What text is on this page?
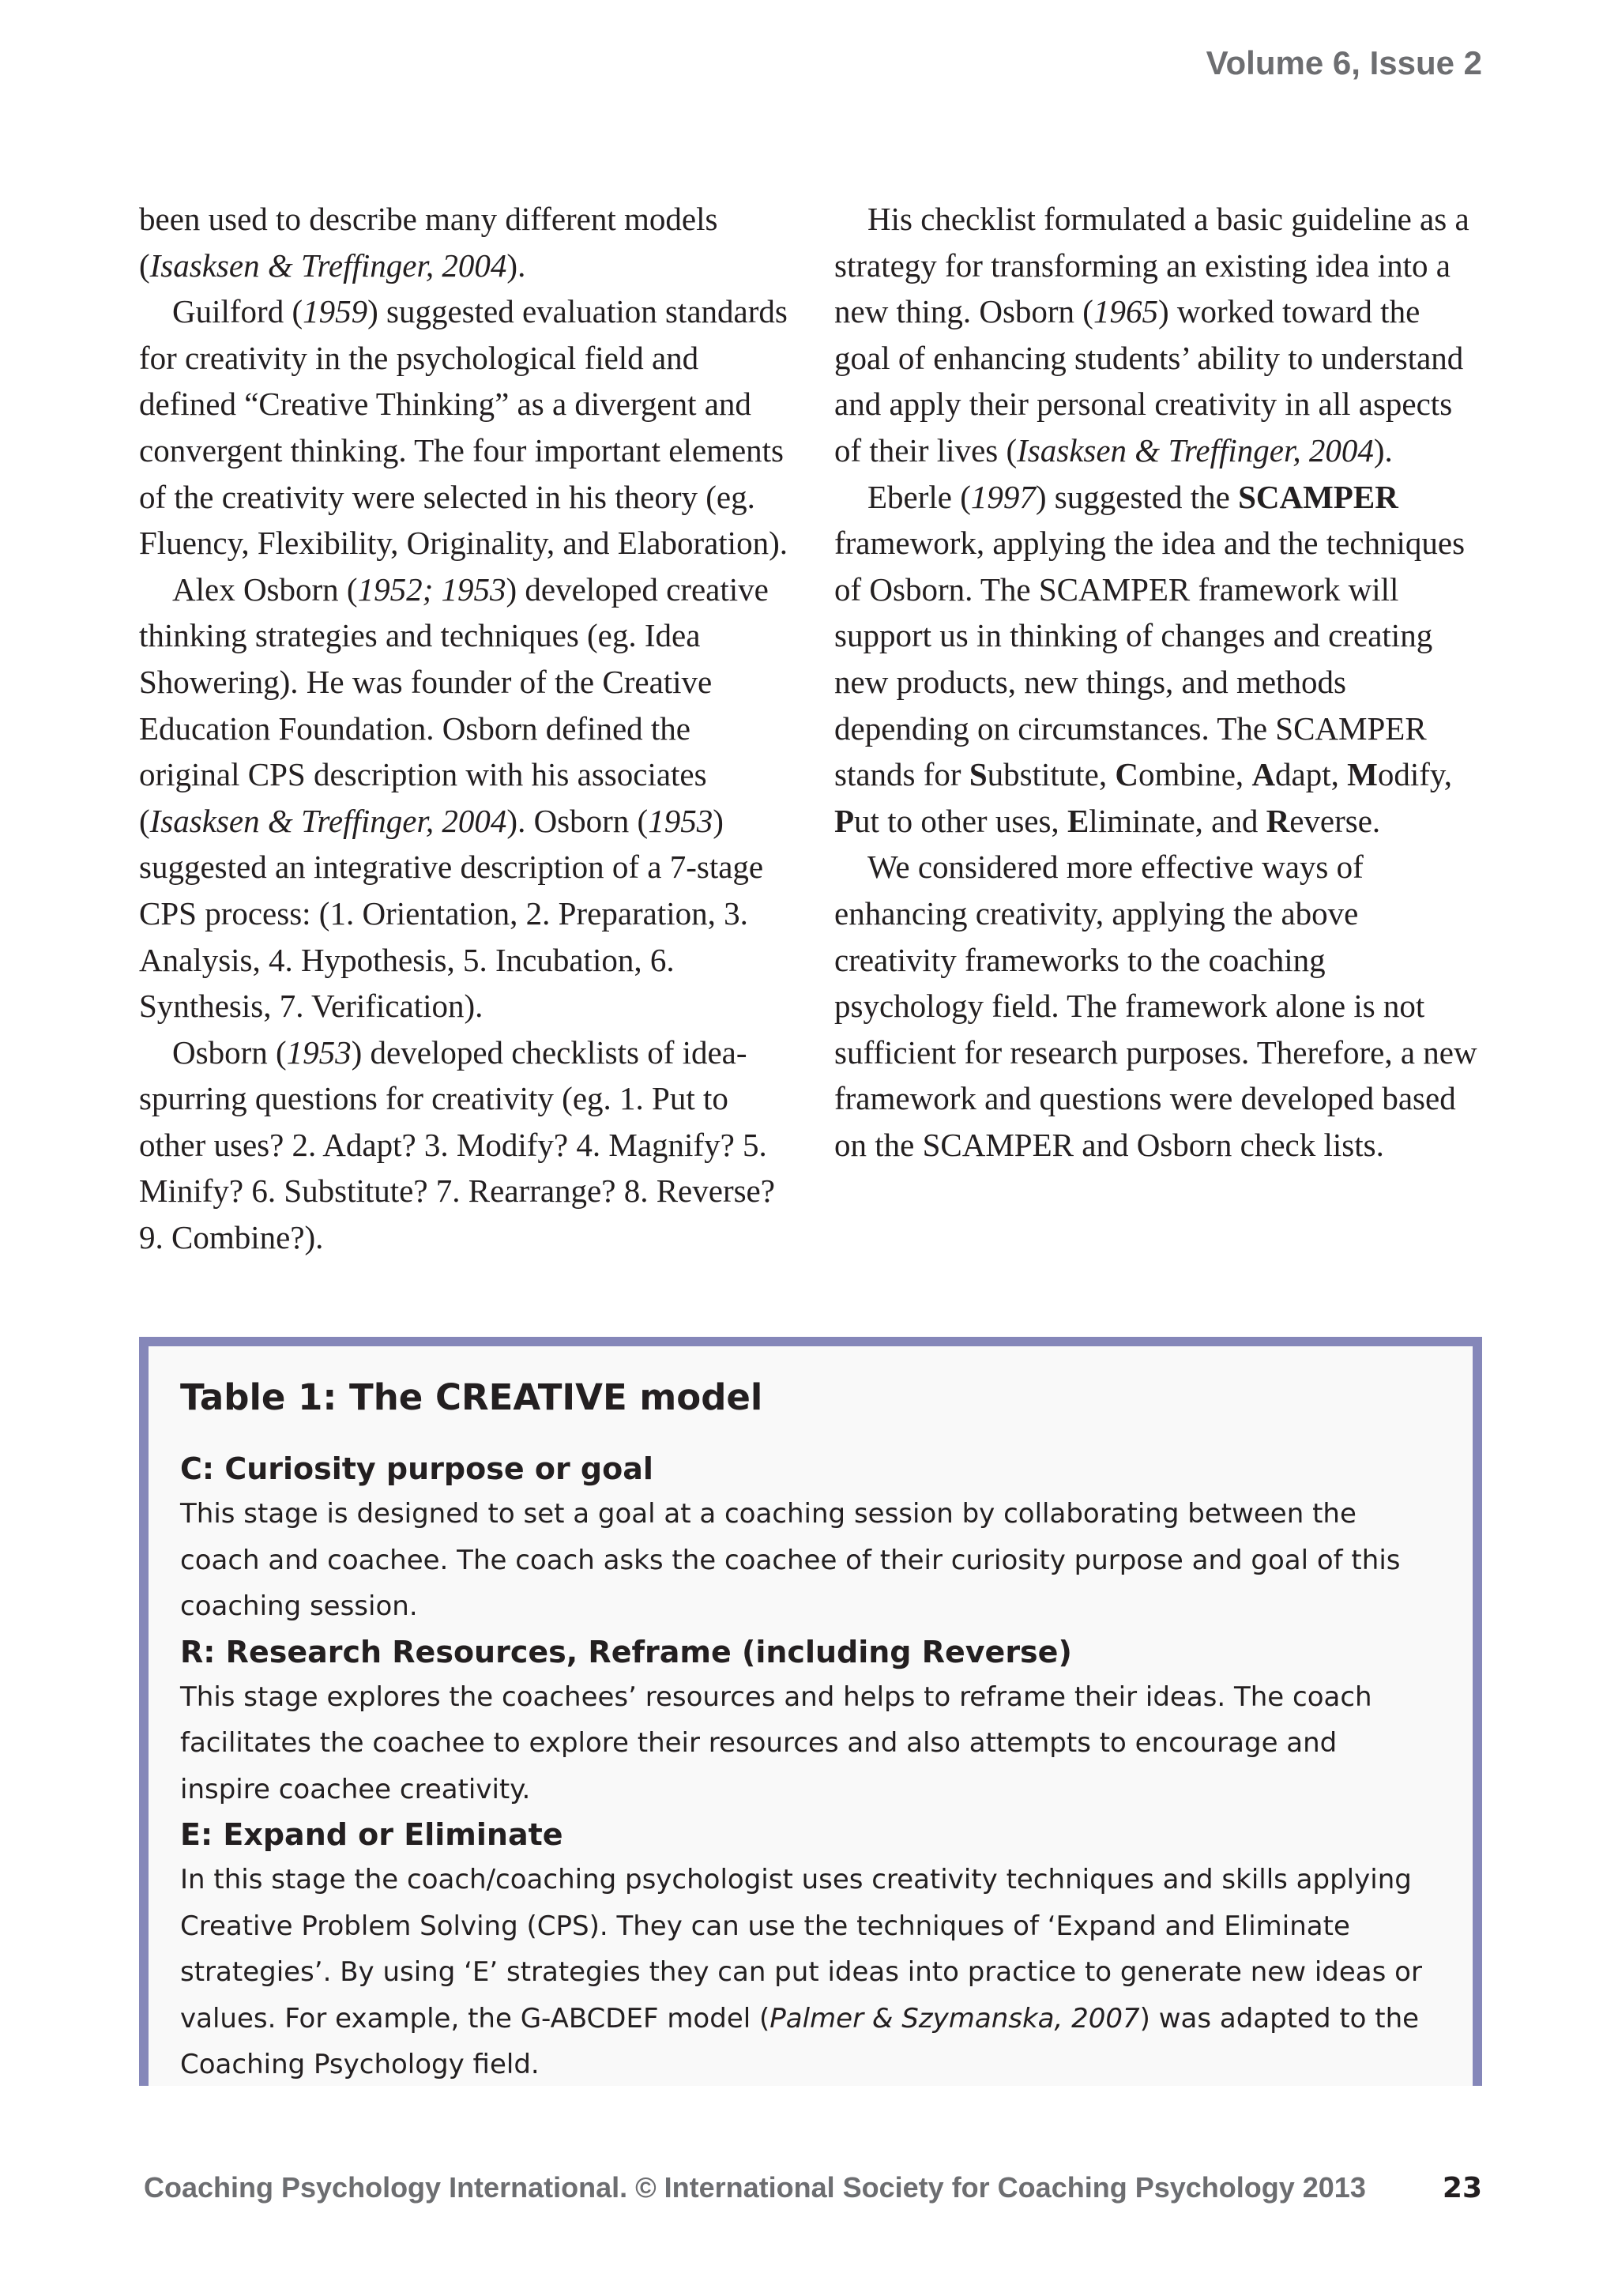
Volume 6, Issue 2

been used to describe many different models (Isasksen & Treffinger, 2004).

Guilford (1959) suggested evaluation standards for creativity in the psychological field and defined “Creative Thinking” as a divergent and convergent thinking. The four important elements of the creativity were selected in his theory (eg. Fluency, Flexibility, Originality, and Elaboration).

Alex Osborn (1952; 1953) developed creative thinking strategies and techniques (eg. Idea Showering). He was founder of the Creative Education Foundation. Osborn defined the original CPS description with his associates (Isasksen & Treffinger, 2004). Osborn (1953) suggested an integrative description of a 7-stage CPS process: (1. Orientation, 2. Preparation, 3. Analysis, 4. Hypothesis, 5. Incubation, 6. Synthesis, 7. Verification).

Osborn (1953) developed checklists of idea-spurring questions for creativity (eg. 1. Put to other uses? 2. Adapt? 3. Modify? 4. Magnify? 5. Minify? 6. Substitute? 7. Rearrange? 8. Reverse? 9. Combine?).

His checklist formulated a basic guideline as a strategy for transforming an existing idea into a new thing. Osborn (1965) worked toward the goal of enhancing students’ ability to understand and apply their personal creativity in all aspects of their lives (Isasksen & Treffinger, 2004).

Eberle (1997) suggested the SCAMPER framework, applying the idea and the techniques of Osborn. The SCAMPER framework will support us in thinking of changes and creating new products, new things, and methods depending on circumstances. The SCAMPER stands for Substitute, Combine, Adapt, Modify, Put to other uses, Eliminate, and Reverse.

We considered more effective ways of enhancing creativity, applying the above creativity frameworks to the coaching psychology field. The framework alone is not sufficient for research purposes. Therefore, a new framework and questions were developed based on the SCAMPER and Osborn check lists.

Table 1: The CREATIVE model
C: Curiosity purpose or goal

This stage is designed to set a goal at a coaching session by collaborating between the coach and coachee. The coach asks the coachee of their curiosity purpose and goal of this coaching session.

R: Research Resources, Reframe (including Reverse)

This stage explores the coachees’ resources and helps to reframe their ideas. The coach facilitates the coachee to explore their resources and also attempts to encourage and inspire coachee creativity.

E: Expand or Eliminate

In this stage the coach/coaching psychologist uses creativity techniques and skills applying Creative Problem Solving (CPS). They can use the techniques of ‘Expand and Eliminate strategies’. By using ‘E’ strategies they can put ideas into practice to generate new ideas or values. For example, the G-ABCDEF model (Palmer & Szymanska, 2007) was adapted to the Coaching Psychology field.

Coaching Psychology International. © International Society for Coaching Psychology 2013	23
